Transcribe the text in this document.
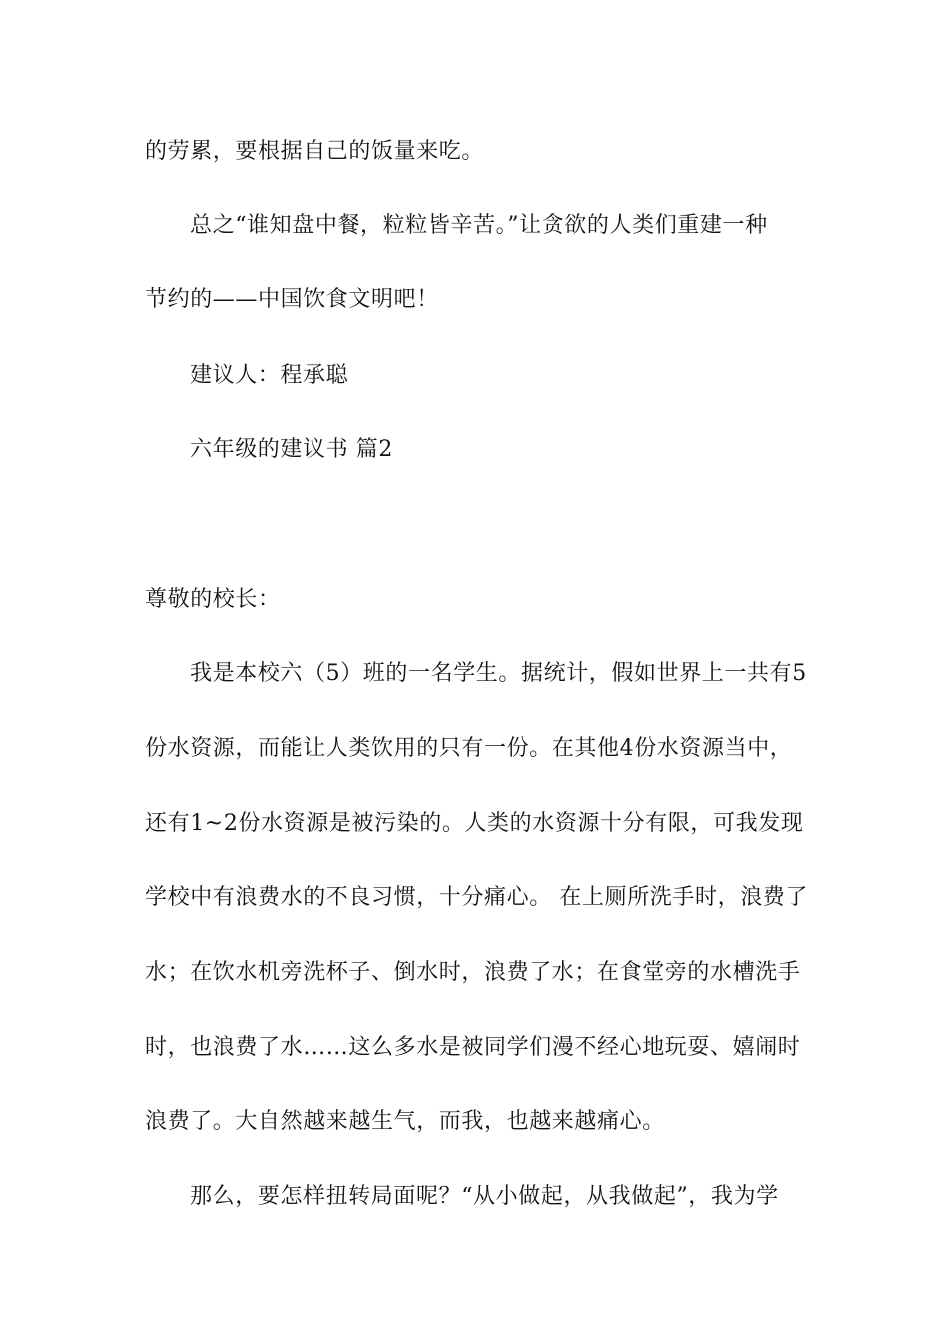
的劳累，要根据自己的饭量来吃。
总之“谁知盘中餐，粒粒皆辛苦。”让贪欲的人类们重建一种
节约的——中国饮食文明吧！
建议人：程承聪
六年级的建议书 篇2
尊敬的校长：
我是本校六（5）班的一名学生。据统计，假如世界上一共有5
份水资源，而能让人类饮用的只有一份。在其他4份水资源当中，
还有1~2份水资源是被污染的。人类的水资源十分有限，可我发现
学校中有浪费水的不良习惯，十分痛心。 在上厕所洗手时，浪费了
水；在饮水机旁洗杯子、倒水时，浪费了水；在食堂旁的水槽洗手
时，也浪费了水……这么多水是被同学们漫不经心地玩耍、嬉闹时
浪费了。大自然越来越生气，而我，也越来越痛心。
那么，要怎样扭转局面呢？“从小做起，从我做起”，我为学
